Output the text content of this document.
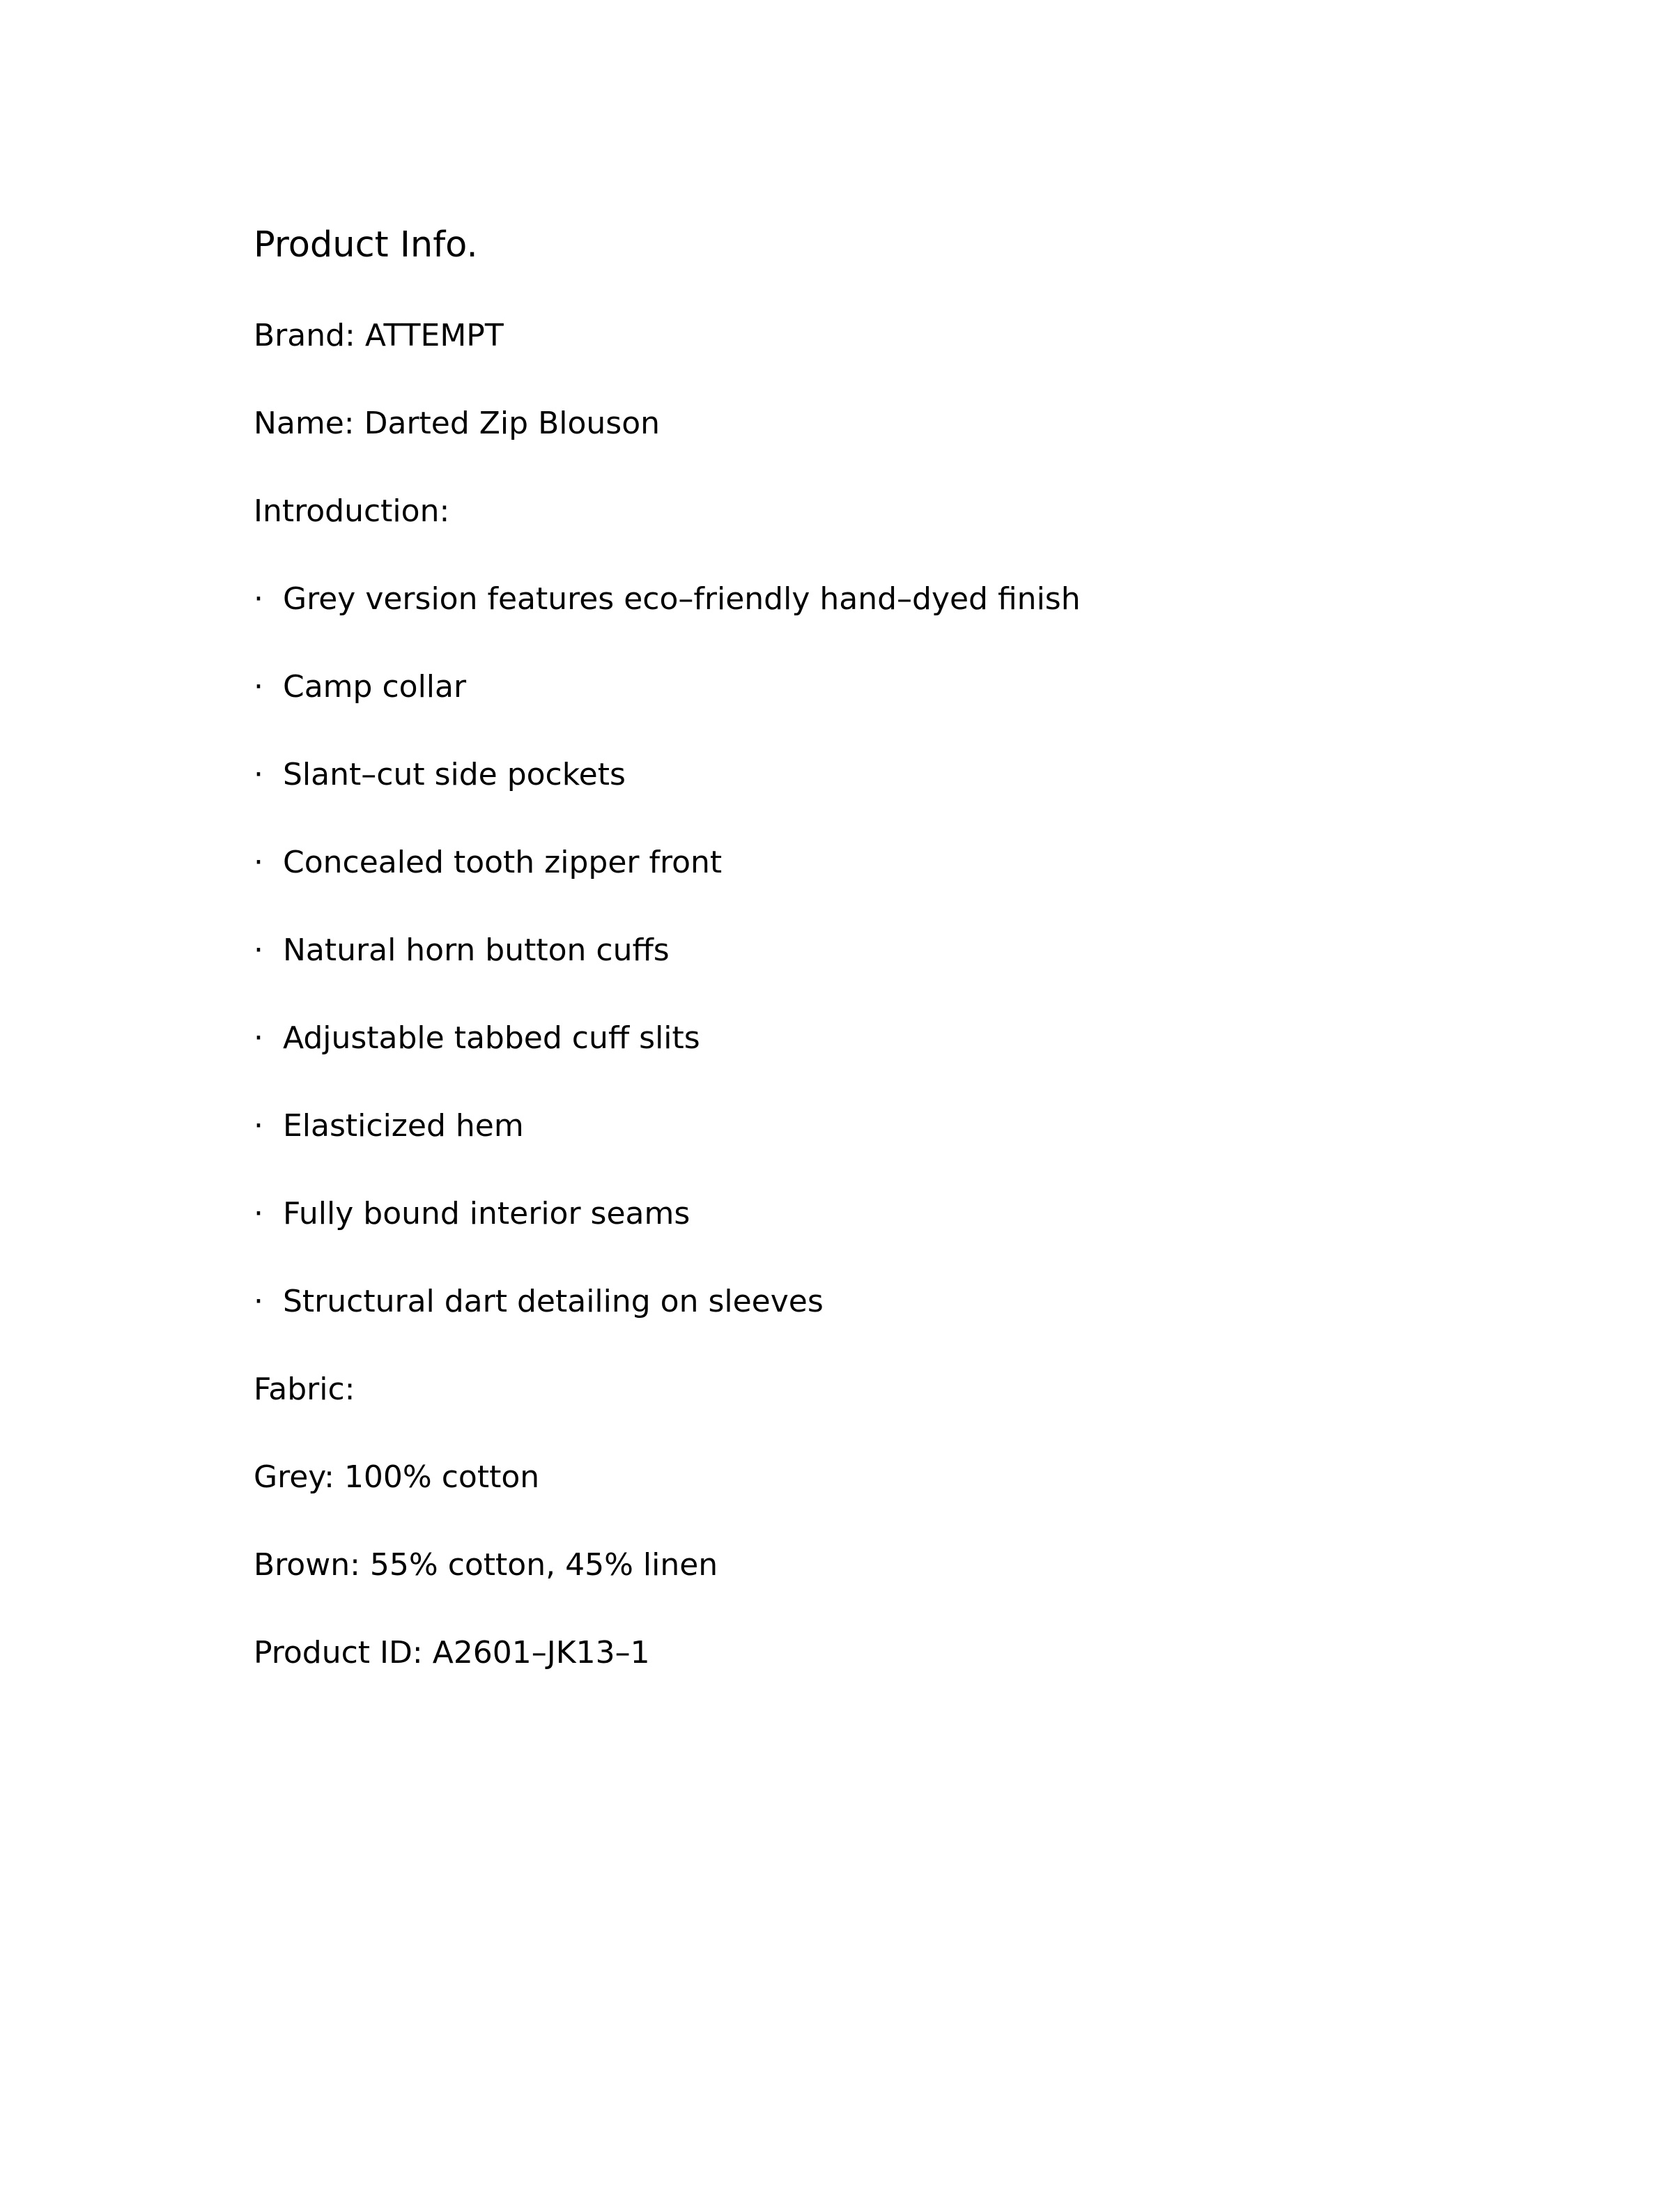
Product Info.
Brand: ATTEMPT
Name: Darted Zip Blouson
Introduction:
· Grey version features eco–friendly hand–dyed finish
· Camp collar
· Slant–cut side pockets
· Concealed tooth zipper front
· Natural horn button cuffs
· Adjustable tabbed cuff slits
· Elasticized hem
· Fully bound interior seams
· Structural dart detailing on sleeves
Fabric:
Grey: 100% cotton
Brown: 55% cotton, 45% linen
Product ID: A2601–JK13–1
